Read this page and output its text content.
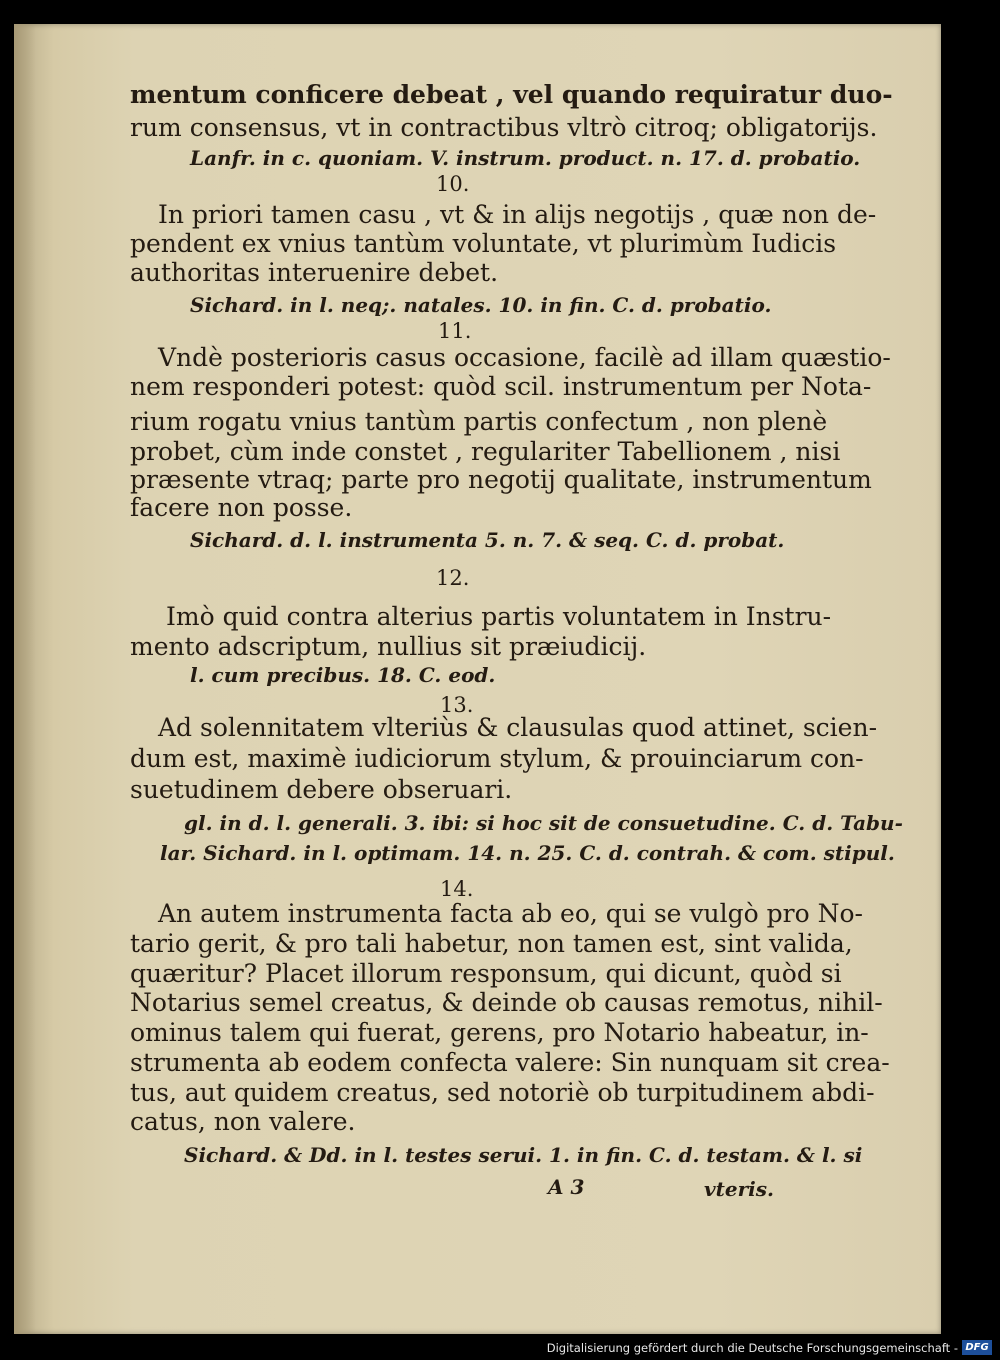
mentum conficere debeat , vel quando requiratur duo-
rum consensus, vt in contractibus vltrò citroq; obligatorijs.
Lanfr. in c. quoniam. V. instrum. product. n. 17. d. probatio.
10.
In priori tamen casu , vt & in alijs negotijs , quæ non de-
pendent ex vnius tantùm voluntate, vt plurimùm Iudicis
authoritas interuenire debet.
Sichard. in l. neq;. natales. 10. in fin. C. d. probatio.
11.
Vndè posterioris casus occasione, facilè ad illam quæstio-
nem responderi potest: quòd scil. instrumentum per Nota-
rium rogatu vnius tantùm partis confectum , non plenè
probet, cùm inde constet , regulariter Tabellionem , nisi
præsente vtraq; parte pro negotij qualitate, instrumentum
facere non posse.
Sichard. d. l. instrumenta 5. n. 7. & seq. C. d. probat.
12.
Imò quid contra alterius partis voluntatem in Instru-
mento adscriptum, nullius sit præiudicij.
l. cum precibus. 18. C. eod.
13.
Ad solennitatem vlteriùs & clausulas quod attinet, scien-
dum est, maximè iudiciorum stylum, & prouinciarum con-
suetudinem debere obseruari.
gl. in d. l. generali. 3. ibi: si hoc sit de consuetudine. C. d. Tabu-
lar. Sichard. in l. optimam. 14. n. 25. C. d. contrah. & com. stipul.
14.
An autem instrumenta facta ab eo, qui se vulgò pro No-
tario gerit, & pro tali habetur, non tamen est, sint valida,
quæritur? Placet illorum responsum, qui dicunt, quòd si
Notarius semel creatus, & deinde ob causas remotus, nihil-
ominus talem qui fuerat, gerens, pro Notario habeatur, in-
strumenta ab eodem confecta valere: Sin nunquam sit crea-
tus, aut quidem creatus, sed notoriè ob turpitudinem abdi-
catus, non valere.
Sichard. & Dd. in l. testes serui. 1. in fin. C. d. testam. & l. si
A 3	vteris.
Digitalisierung gefördert durch die Deutsche Forschungsgemeinschaft - DFG
